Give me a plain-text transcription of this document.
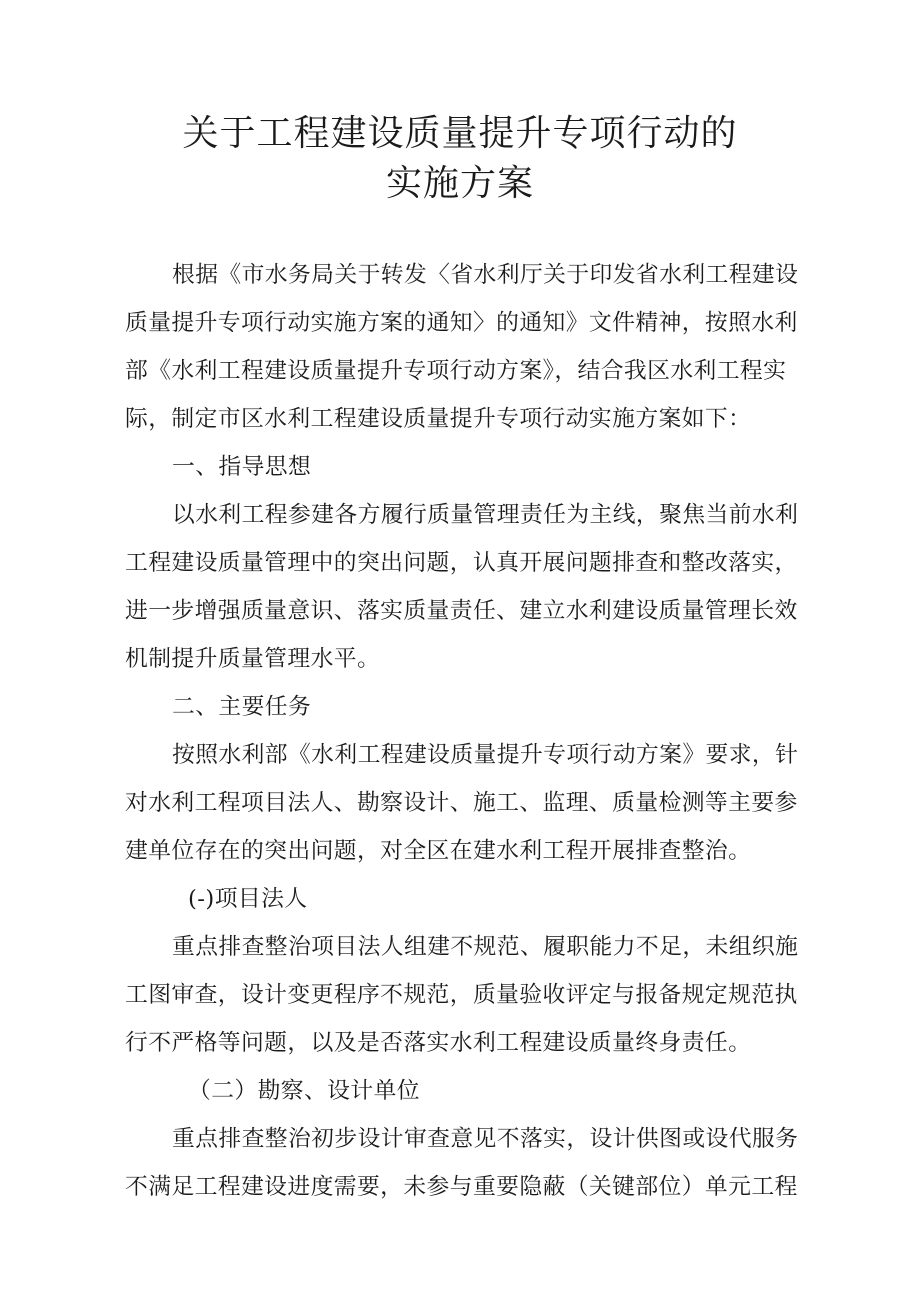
关于工程建设质量提升专项行动的
实施方案
根据《市水务局关于转发〈省水利厅关于印发省水利工程建设
质量提升专项行动实施方案的通知〉的通知》文件精神，按照水利
部《水利工程建设质量提升专项行动方案》，结合我区水利工程实
际，制定市区水利工程建设质量提升专项行动实施方案如下：
一、指导思想
以水利工程参建各方履行质量管理责任为主线，聚焦当前水利
工程建设质量管理中的突出问题，认真开展问题排查和整改落实，
进一步增强质量意识、落实质量责任、建立水利建设质量管理长效
机制提升质量管理水平。
二、主要任务
按照水利部《水利工程建设质量提升专项行动方案》要求，针
对水利工程项目法人、勘察设计、施工、监理、质量检测等主要参
建单位存在的突出问题，对全区在建水利工程开展排查整治。
(-)项目法人
重点排查整治项目法人组建不规范、履职能力不足，未组织施
工图审查，设计变更程序不规范，质量验收评定与报备规定规范执
行不严格等问题，以及是否落实水利工程建设质量终身责任。
（二）勘察、设计单位
重点排查整治初步设计审查意见不落实，设计供图或设代服务
不满足工程建设进度需要，未参与重要隐蔽（关键部位）单元工程
